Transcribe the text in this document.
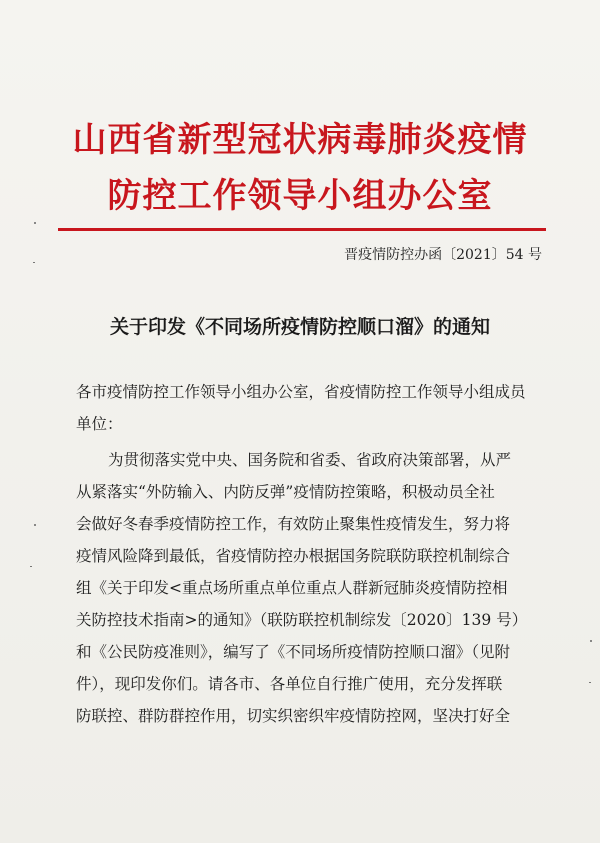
山西省新型冠状病毒肺炎疫情
防控工作领导小组办公室
晋疫情防控办函〔2021〕54 号
关于印发《不同场所疫情防控顺口溜》的通知
各市疫情防控工作领导小组办公室，省疫情防控工作领导小组成员
单位：
为贯彻落实党中央、国务院和省委、省政府决策部署，从严
从紧落实“外防输入、内防反弹”疫情防控策略，积极动员全社
会做好冬春季疫情防控工作，有效防止聚集性疫情发生，努力将
疫情风险降到最低，省疫情防控办根据国务院联防联控机制综合
组《关于印发<重点场所重点单位重点人群新冠肺炎疫情防控相
关防控技术指南>的通知》（联防联控机制综发〔2020〕139 号）
和《公民防疫准则》，编写了《不同场所疫情防控顺口溜》（见附
件），现印发你们。请各市、各单位自行推广使用，充分发挥联
防联控、群防群控作用，切实织密织牢疫情防控网，坚决打好全
